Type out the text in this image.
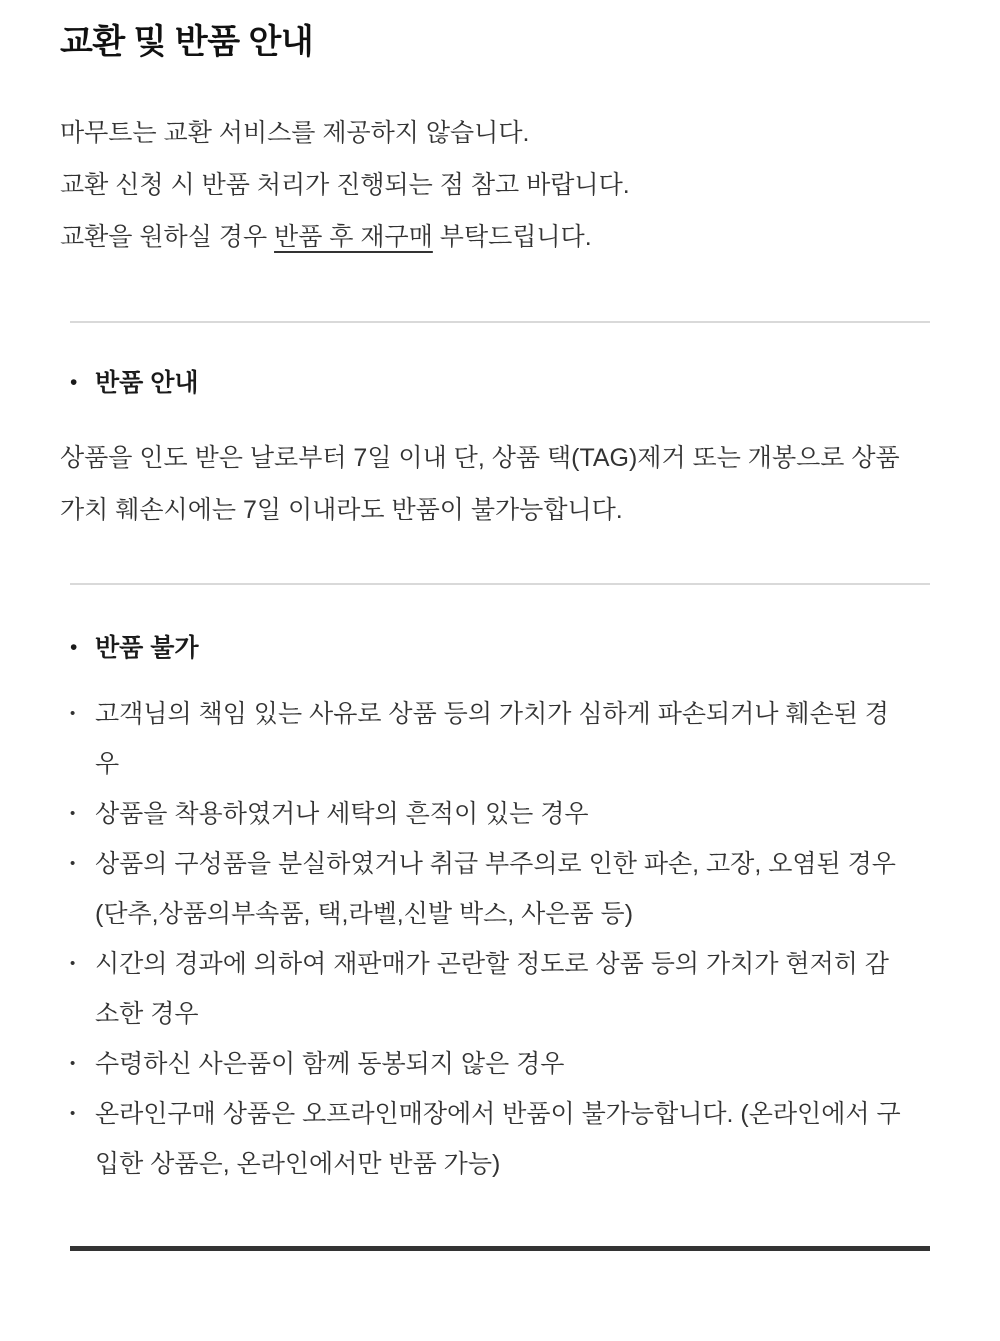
교환 및 반품 안내
마무트는 교환 서비스를 제공하지 않습니다.
교환 신청 시 반품 처리가 진행되는 점 참고 바랍니다.
교환을 원하실 경우 반품 후 재구매 부탁드립니다.
• 반품 안내
상품을 인도 받은 날로부터 7일 이내 단, 상품 택(TAG)제거 또는 개봉으로 상품
가치 훼손시에는 7일 이내라도 반품이 불가능합니다.
• 반품 불가
• 고객님의 책임 있는 사유로 상품 등의 가치가 심하게 파손되거나 훼손된 경
우
• 상품을 착용하였거나 세탁의 흔적이 있는 경우
• 상품의 구성품을 분실하였거나 취급 부주의로 인한 파손, 고장, 오염된 경우
(단추,상품의부속품, 택,라벨,신발 박스, 사은품 등)
• 시간의 경과에 의하여 재판매가 곤란할 정도로 상품 등의 가치가 현저히 감
소한 경우
• 수령하신 사은품이 함께 동봉되지 않은 경우
• 온라인구매 상품은 오프라인매장에서 반품이 불가능합니다. (온라인에서 구
입한 상품은, 온라인에서만 반품 가능)
